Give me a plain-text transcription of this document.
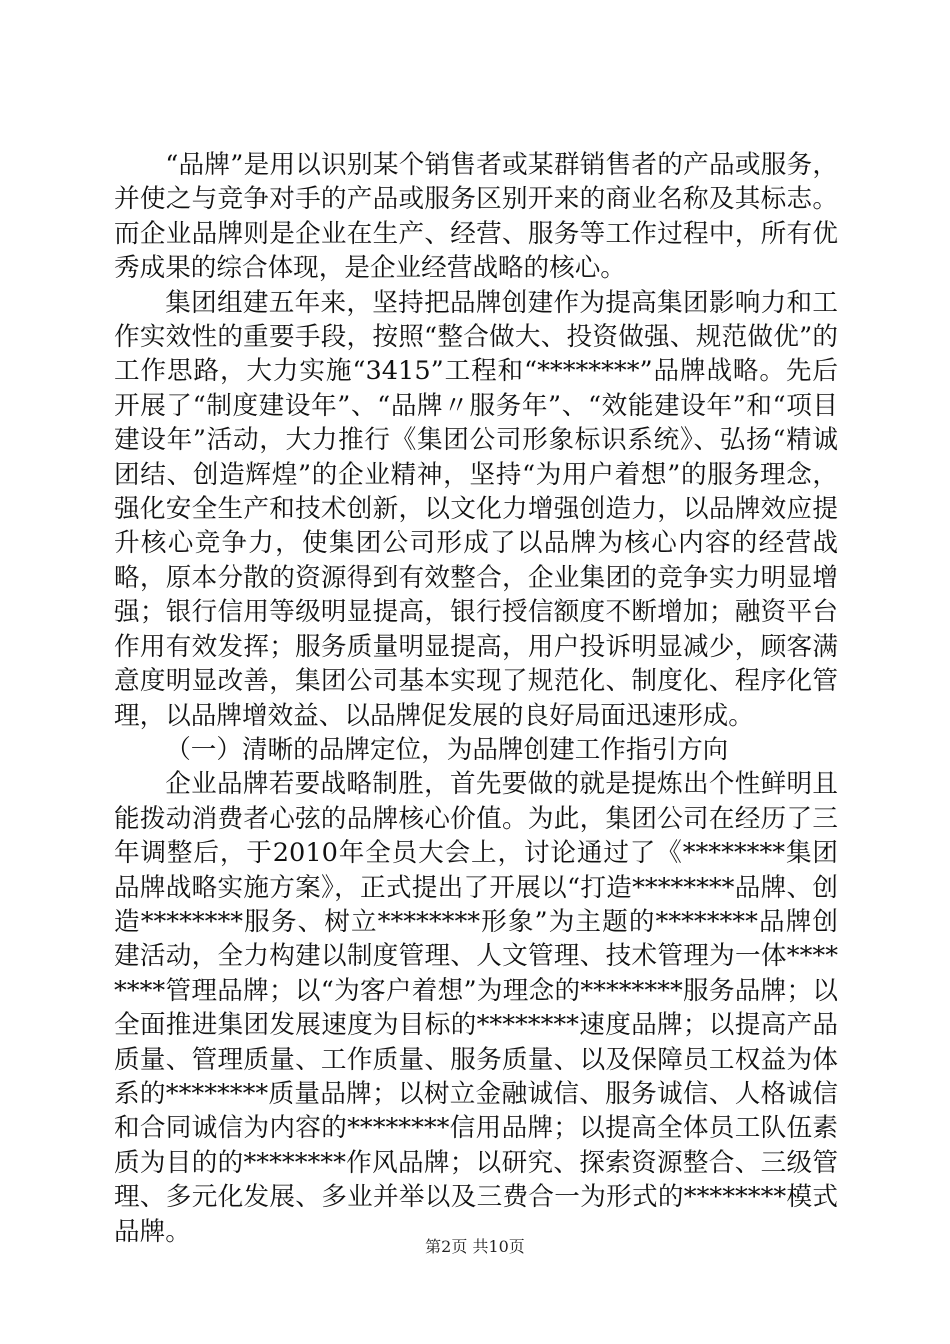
“品牌”是用以识别某个销售者或某群销售者的产品或服务，并使之与竞争对手的产品或服务区别开来的商业名称及其标志。而企业品牌则是企业在生产、经营、服务等工作过程中，所有优秀成果的综合体现，是企业经营战略的核心。

集团组建五年来，坚持把品牌创建作为提高集团影响力和工作实效性的重要手段，按照“整合做大、投资做强、规范做优”的工作思路，大力实施“3415”工程和“********”品牌战略。先后开展了“制度建设年”、“品牌〃服务年”、“效能建设年”和“项目建设年”活动，大力推行《集团公司形象标识系统》、弘扬“精诚团结、创造辉煌”的企业精神，坚持“为用户着想”的服务理念，强化安全生产和技术创新，以文化力增强创造力，以品牌效应提升核心竞争力，使集团公司形成了以品牌为核心内容的经营战略，原本分散的资源得到有效整合，企业集团的竞争实力明显增强；银行信用等级明显提高，银行授信额度不断增加；融资平台作用有效发挥；服务质量明显提高，用户投诉明显减少，顾客满意度明显改善，集团公司基本实现了规范化、制度化、程序化管理，以品牌增效益、以品牌促发展的良好局面迅速形成。

（一）清晰的品牌定位，为品牌创建工作指引方向

企业品牌若要战略制胜，首先要做的就是提炼出个性鲜明且能拨动消费者心弦的品牌核心价值。为此，集团公司在经历了三年调整后，于2010年全员大会上，讨论通过了《********集团品牌战略实施方案》，正式提出了开展以“打造********品牌、创造********服务、树立********形象”为主题的********品牌创建活动，全力构建以制度管理、人文管理、技术管理为一体********管理品牌；以“为客户着想”为理念的********服务品牌；以全面推进集团发展速度为目标的********速度品牌；以提高产品质量、管理质量、工作质量、服务质量、以及保障员工权益为体系的********质量品牌；以树立金融诚信、服务诚信、人格诚信和合同诚信为内容的********信用品牌；以提高全体员工队伍素质为目的的********作风品牌；以研究、探索资源整合、三级管理、多元化发展、多业并举以及三费合一为形式的********模式品牌。	第2页 共10页
